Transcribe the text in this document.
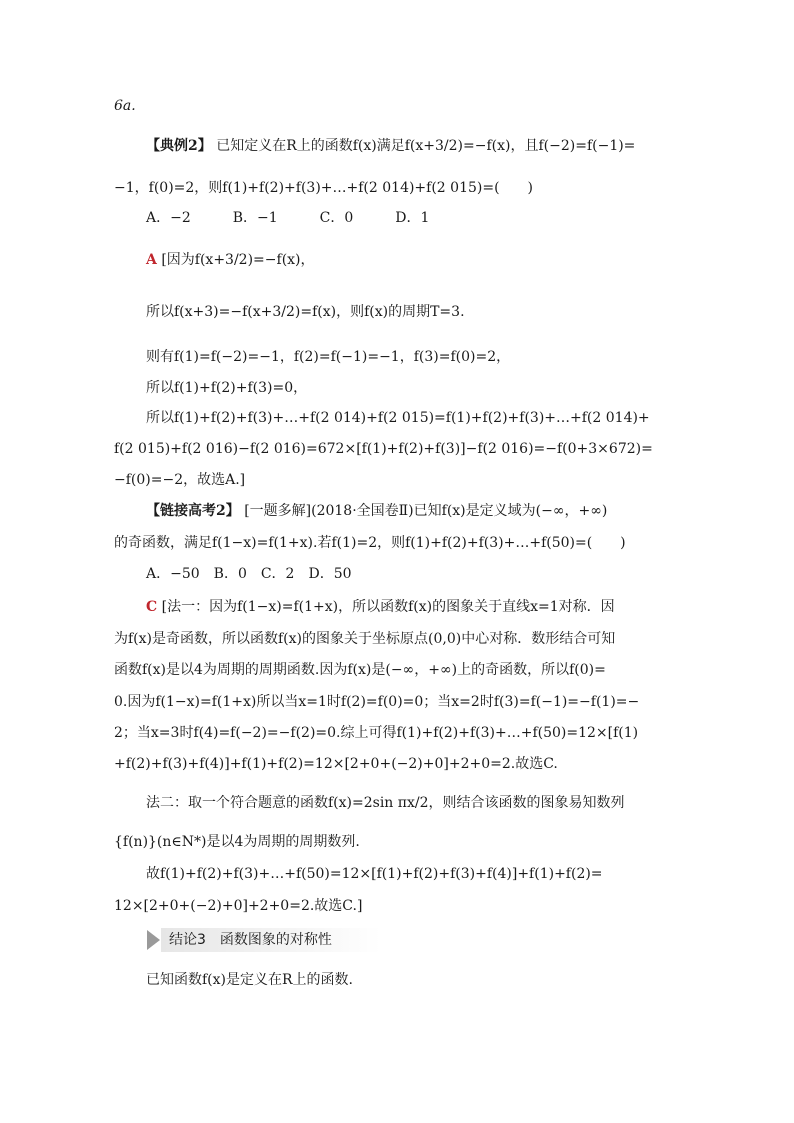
6a.
【典例2】 已知定义在R上的函数f(x)满足f(x+3/2)=−f(x)，且f(−2)=f(−1)=
−1，f(0)=2，则f(1)+f(2)+f(3)+…+f(2 014)+f(2 015)=(　　)
A．−2　　　B．−1　　　C．0　　　D．1
A [因为f(x+3/2)=−f(x)，
所以f(x+3)=−f(x+3/2)=f(x)，则f(x)的周期T=3.
则有f(1)=f(−2)=−1，f(2)=f(−1)=−1，f(3)=f(0)=2，
所以f(1)+f(2)+f(3)=0，
所以f(1)+f(2)+f(3)+…+f(2 014)+f(2 015)=f(1)+f(2)+f(3)+…+f(2 014)+
f(2 015)+f(2 016)−f(2 016)=672×[f(1)+f(2)+f(3)]−f(2 016)=−f(0+3×672)=
−f(0)=−2，故选A.]
【链接高考2】 [一题多解](2018·全国卷Ⅱ)已知f(x)是定义域为(−∞，+∞)
的奇函数，满足f(1−x)=f(1+x).若f(1)=2，则f(1)+f(2)+f(3)+…+f(50)=(　　)
A．−50　B．0　C．2　D．50
C [法一：因为f(1−x)=f(1+x)，所以函数f(x)的图象关于直线x=1对称．因
为f(x)是奇函数，所以函数f(x)的图象关于坐标原点(0,0)中心对称．数形结合可知
函数f(x)是以4为周期的周期函数.因为f(x)是(−∞，+∞)上的奇函数，所以f(0)=
0.因为f(1−x)=f(1+x)所以当x=1时f(2)=f(0)=0；当x=2时f(3)=f(−1)=−f(1)=−
2；当x=3时f(4)=f(−2)=−f(2)=0.综上可得f(1)+f(2)+f(3)+…+f(50)=12×[f(1)
+f(2)+f(3)+f(4)]+f(1)+f(2)=12×[2+0+(−2)+0]+2+0=2.故选C.
法二：取一个符合题意的函数f(x)=2sin πx/2，则结合该函数的图象易知数列
{f(n)}(n∈N*)是以4为周期的周期数列.
故f(1)+f(2)+f(3)+…+f(50)=12×[f(1)+f(2)+f(3)+f(4)]+f(1)+f(2)=
12×[2+0+(−2)+0]+2+0=2.故选C.]
结论3　函数图象的对称性
已知函数f(x)是定义在R上的函数.
